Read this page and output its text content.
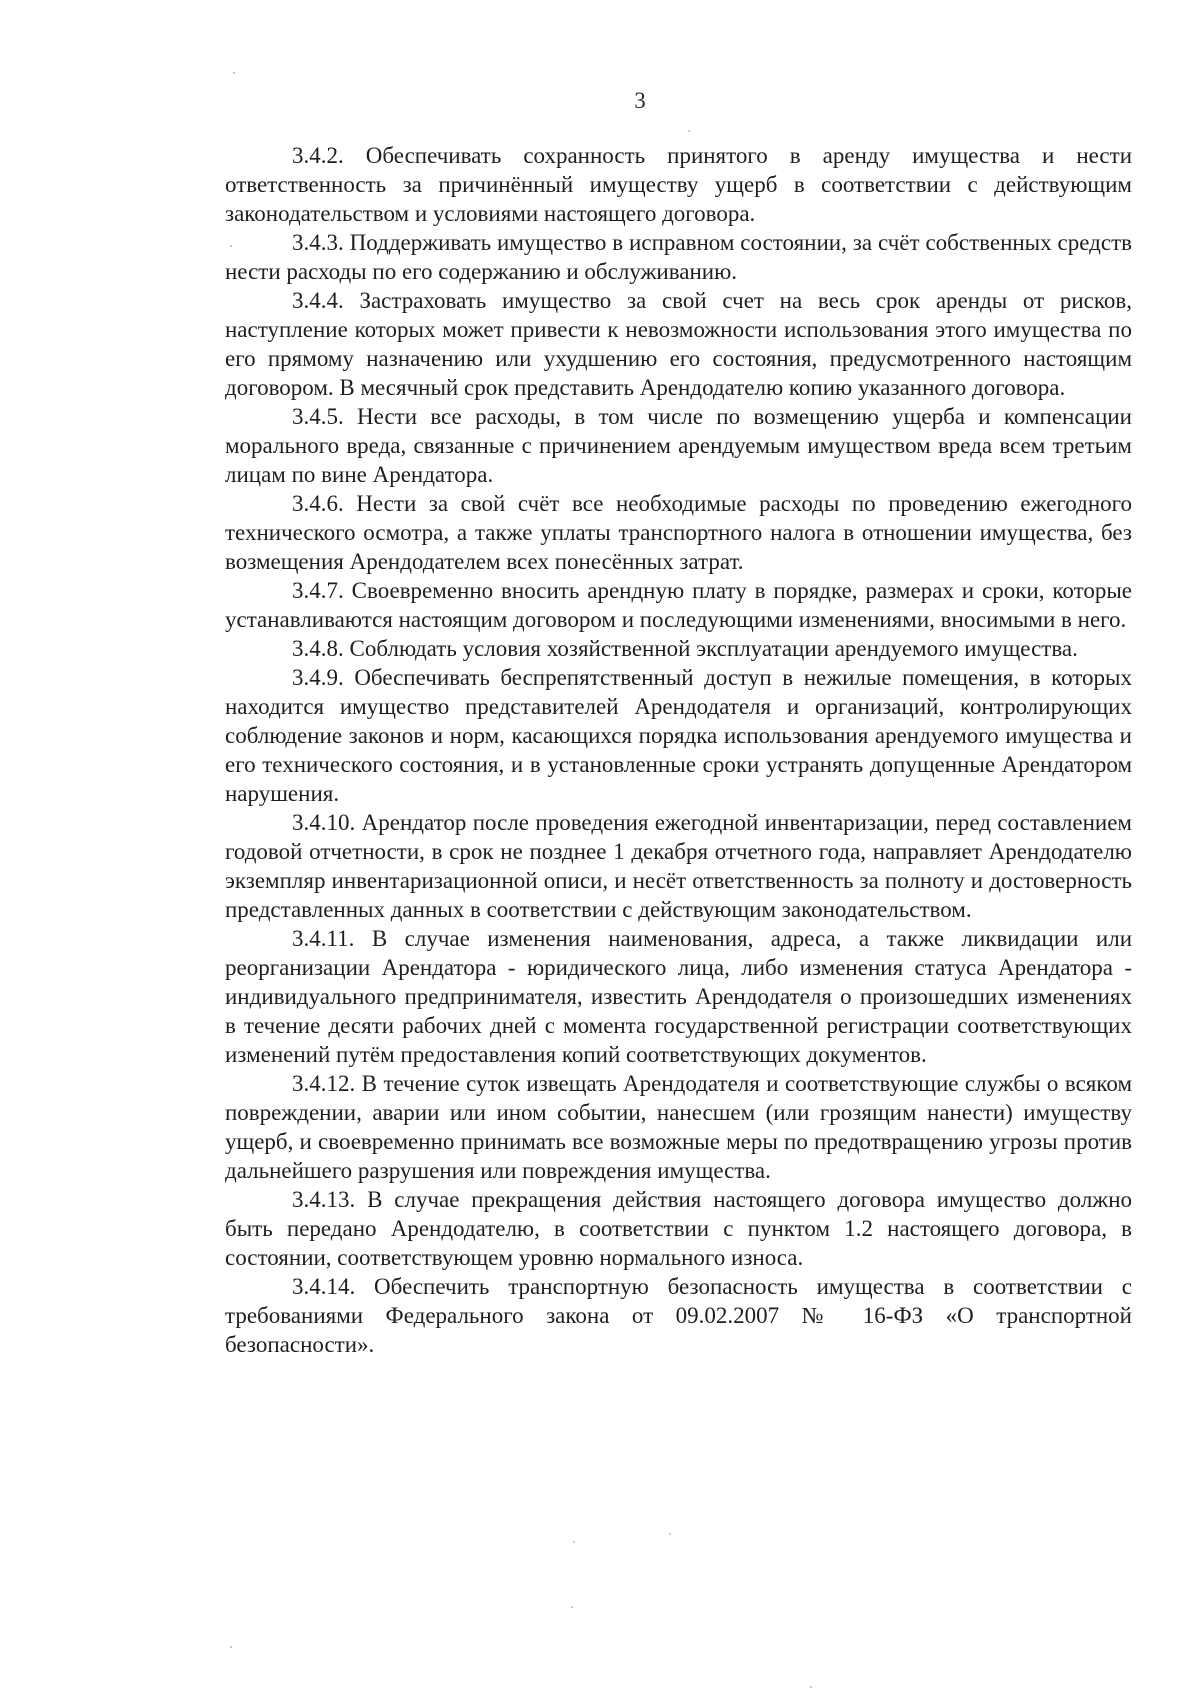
3

3.4.2. Обеспечивать сохранность принятого в аренду имущества и нести ответственность за причинённый имуществу ущерб в соответствии с действующим законодательством и условиями настоящего договора.

3.4.3. Поддерживать имущество в исправном состоянии, за счёт собственных средств нести расходы по его содержанию и обслуживанию.

3.4.4. Застраховать имущество за свой счет на весь срок аренды от рисков, наступление которых может привести к невозможности использования этого имущества по его прямому назначению или ухудшению его состояния, предусмотренного настоящим договором. В месячный срок представить Арендодателю копию указанного договора.

3.4.5. Нести все расходы, в том числе по возмещению ущерба и компенсации морального вреда, связанные с причинением арендуемым имуществом вреда всем третьим лицам по вине Арендатора.

3.4.6. Нести за свой счёт все необходимые расходы по проведению ежегодного технического осмотра, а также уплаты транспортного налога в отношении имущества, без возмещения Арендодателем всех понесённых затрат.

3.4.7. Своевременно вносить арендную плату в порядке, размерах и сроки, которые устанавливаются настоящим договором и последующими изменениями, вносимыми в него.

3.4.8. Соблюдать условия хозяйственной эксплуатации арендуемого имущества.

3.4.9. Обеспечивать беспрепятственный доступ в нежилые помещения, в которых находится имущество представителей Арендодателя и организаций, контролирующих соблюдение законов и норм, касающихся порядка использования арендуемого имущества и его технического состояния, и в установленные сроки устранять допущенные Арендатором нарушения.

3.4.10. Арендатор после проведения ежегодной инвентаризации, перед составлением годовой отчетности, в срок не позднее 1 декабря отчетного года, направляет Арендодателю экземпляр инвентаризационной описи, и несёт ответственность за полноту и достоверность представленных данных в соответствии с действующим законодательством.

3.4.11. В случае изменения наименования, адреса, а также ликвидации или реорганизации Арендатора - юридического лица, либо изменения статуса Арендатора - индивидуального предпринимателя, известить Арендодателя о произошедших изменениях в течение десяти рабочих дней с момента государственной регистрации соответствующих изменений путём предоставления копий соответствующих документов.

3.4.12. В течение суток извещать Арендодателя и соответствующие службы о всяком повреждении, аварии или ином событии, нанесшем (или грозящим нанести) имуществу ущерб, и своевременно принимать все возможные меры по предотвращению угрозы против дальнейшего разрушения или повреждения имущества.

3.4.13. В случае прекращения действия настоящего договора имущество должно быть передано Арендодателю, в соответствии с пунктом 1.2 настоящего договора, в состоянии, соответствующем уровню нормального износа.

3.4.14. Обеспечить транспортную безопасность имущества в соответствии с требованиями Федерального закона от 09.02.2007 № 16-ФЗ «О транспортной безопасности».
